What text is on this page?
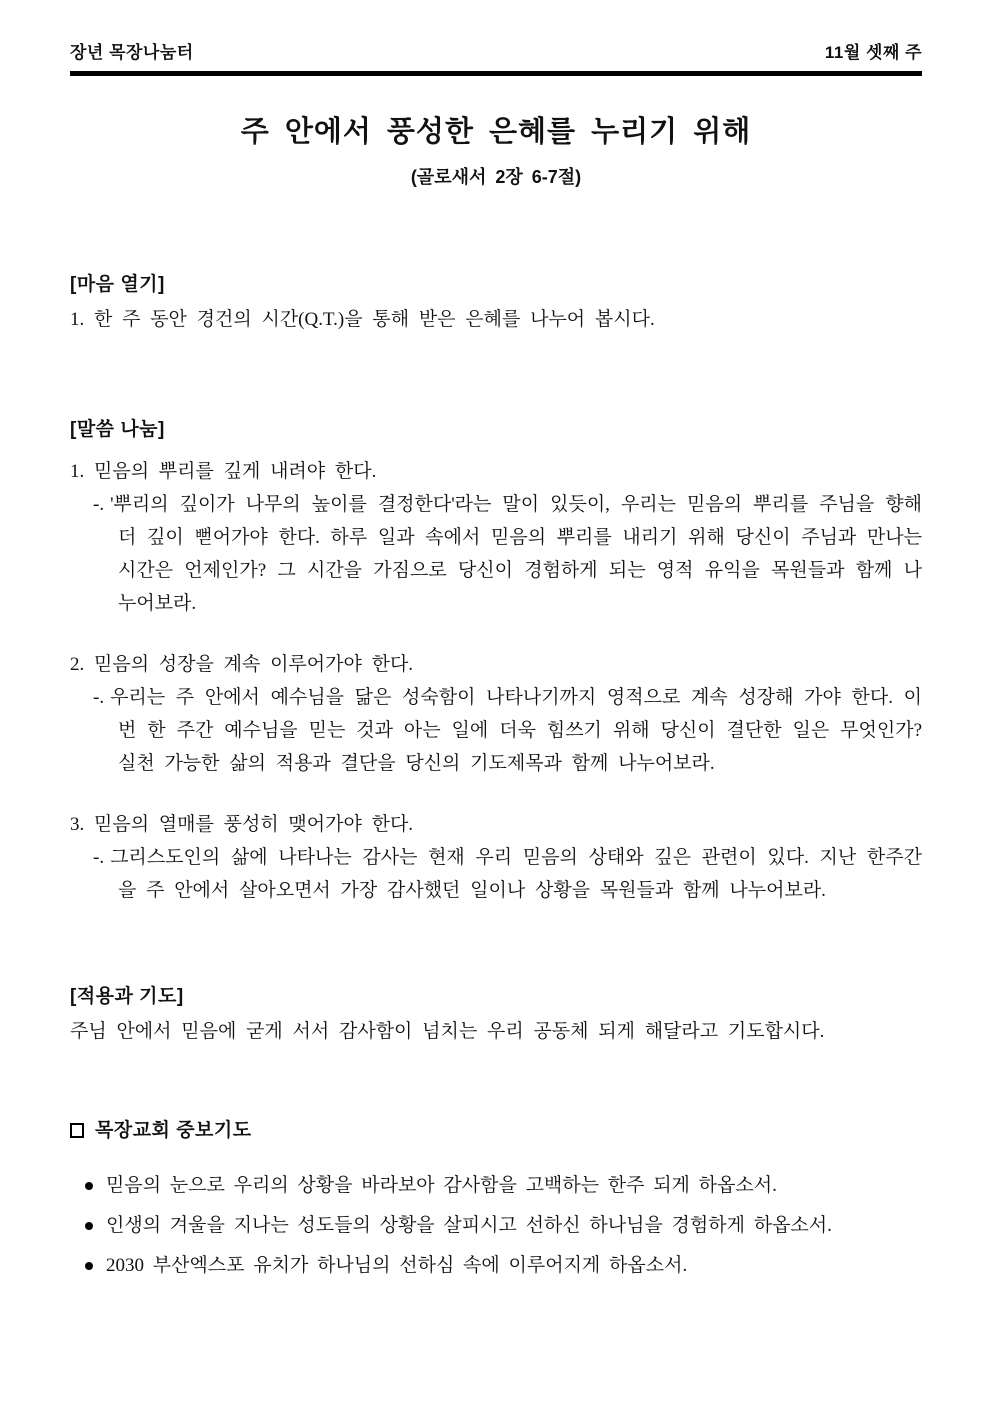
장년 목장나눔터	11월 셋째 주
주 안에서 풍성한 은혜를 누리기 위해
(골로새서 2장 6-7절)
[마음 열기]

1. 한 주 동안 경건의 시간(Q.T.)을 통해 받은 은혜를 나누어 봅시다.

[말씀 나눔]

1. 믿음의 뿌리를 깊게 내려야 한다.

-. '뿌리의 깊이가 나무의 높이를 결정한다'라는 말이 있듯이, 우리는 믿음의 뿌리를 주님을 향해 더 깊이 뻗어가야 한다. 하루 일과 속에서 믿음의 뿌리를 내리기 위해 당신이 주님과 만나는 시간은 언제인가? 그 시간을 가짐으로 당신이 경험하게 되는 영적 유익을 목원들과 함께 나누어보라.

2. 믿음의 성장을 계속 이루어가야 한다.

-. 우리는 주 안에서 예수님을 닮은 성숙함이 나타나기까지 영적으로 계속 성장해 가야 한다. 이번 한 주간 예수님을 믿는 것과 아는 일에 더욱 힘쓰기 위해 당신이 결단한 일은 무엇인가? 실천 가능한 삶의 적용과 결단을 당신의 기도제목과 함께 나누어보라.

3. 믿음의 열매를 풍성히 맺어가야 한다.

-. 그리스도인의 삶에 나타나는 감사는 현재 우리 믿음의 상태와 깊은 관련이 있다. 지난 한주간을 주 안에서 살아오면서 가장 감사했던 일이나 상황을 목원들과 함께 나누어보라.

[적용과 기도]

주님 안에서 믿음에 굳게 서서 감사함이 넘치는 우리 공동체 되게 해달라고 기도합시다.

목장교회 중보기도
믿음의 눈으로 우리의 상황을 바라보아 감사함을 고백하는 한주 되게 하옵소서.
인생의 겨울을 지나는 성도들의 상황을 살피시고 선하신 하나님을 경험하게 하옵소서.
2030 부산엑스포 유치가 하나님의 선하심 속에 이루어지게 하옵소서.
